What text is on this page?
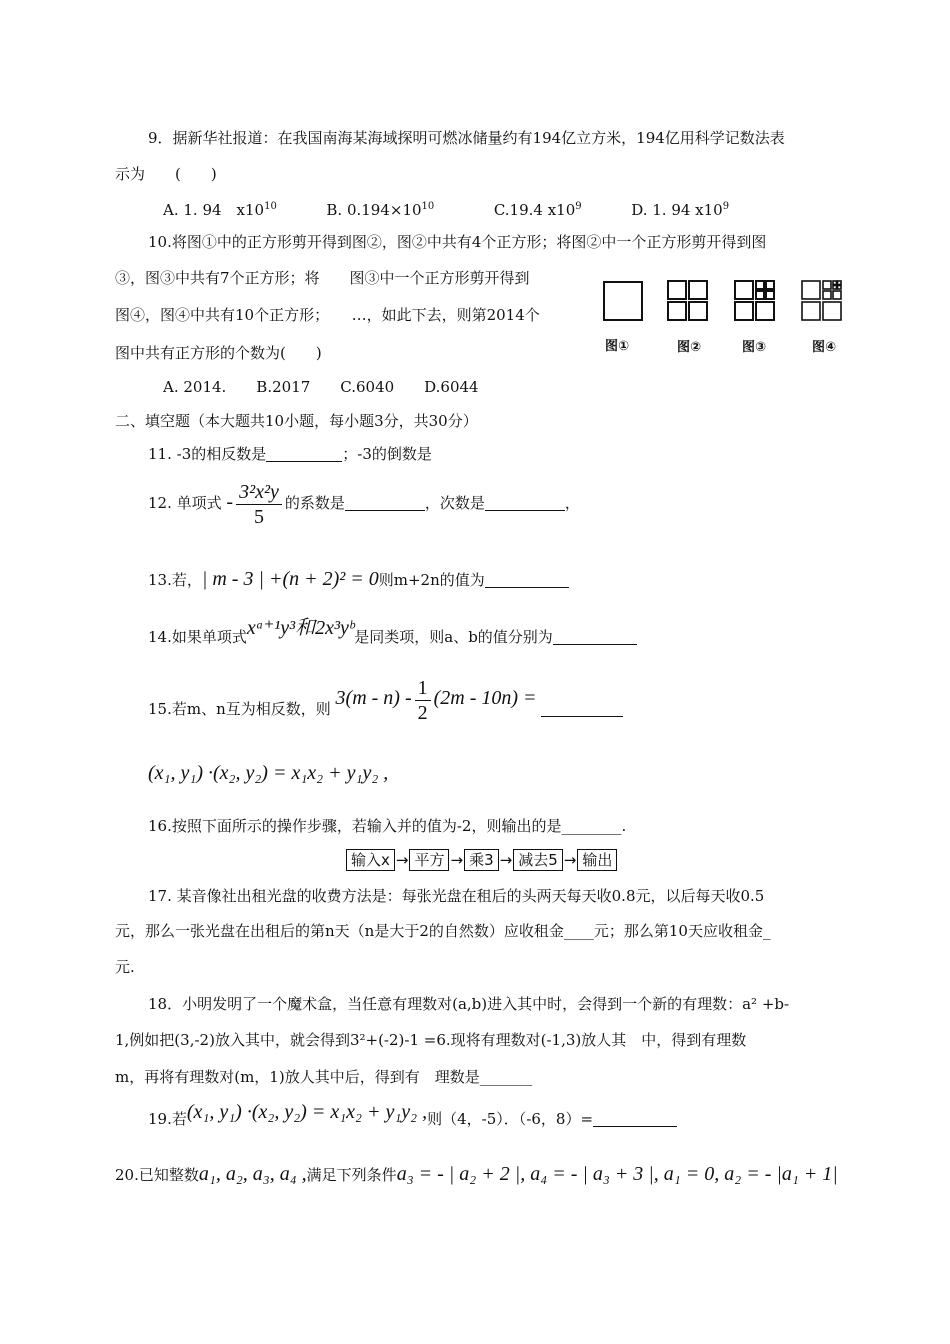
9．据新华社报道：在我国南海某海域探明可燃冰储量约有194亿立方米，194亿用科学记数法表
示为　　(　　)
A. 1. 94　$x10^{10}$	B. $0.194\times 10^{10}$	C.19.4 $x10^9$	D. 1. 94 $x10^9$
10.将图①中的正方形剪开得到图②，图②中共有4个正方形；将图②中一个正方形剪开得到图
③，图③中共有7个正方形；将　　图③中一个正方形剪开得到
图④，图④中共有10个正方形；　　…，如此下去，则第2014个
图中共有正方形的个数为(　　)	图①	图②	图③	图④
A. 2014.　　B.2017　　C.6040　　D.6044
二、填空题（本大题共10小题，每小题3分，共30分）
11. -3的相反数是	；-3的倒数是
12. 单项式 - $\frac{\text{3²x²y}}{5}$ 的系数是	，次数是	，
13.若，| m - 3 | +(n + 2)² = 0则m+2n的值为
14.如果单项式xᵃ⁺¹y³和2x³yᵇ是同类项，则a、b的值分别为
15.若m、n互为相反数，则 $3(m - n) - \frac{1}{2} (2m - 10n)$ =
(x₁, y₁) ·(x₂, y₂) = x₁x₂ + y₁y₂ ,
16.按照下面所示的操作步骤，若输入并的值为-2，则输出的是________.
输入x → 平方 → 乘3 → 减去5 → 输出
17. 某音像社出租光盘的收费方法是：每张光盘在租后的头两天每天收0.8元，以后每天收0.5
元，那么一张光盘在出租后的第n天（n是大于2的自然数）应收租金____元；那么第10天应收租金_
元.
18．小明发明了一个魔术盒，当任意有理数对(a,b)进入其中时，会得到一个新的有理数：a² +b-
1,例如把(3,-2)放入其中，就会得到3²+(-2)-1 =6.现将有理数对(-1,3)放人其　中，得到有理数
m，再将有理数对(m，1)放人其中后，得到有　理数是_______
19.若(x₁, y₁) ·(x₂, y₂) = x₁x₂ + y₁y₂ ,则（4，-5）．（-6，8）=
20.已知整数a₁, a₂, a₃, a₄ ,满足下列条件a₃ = - | a₂ + 2 |, a₄ = - | a₃ + 3 |, a₁ = 0, a₂ = - |a₁ + 1|
